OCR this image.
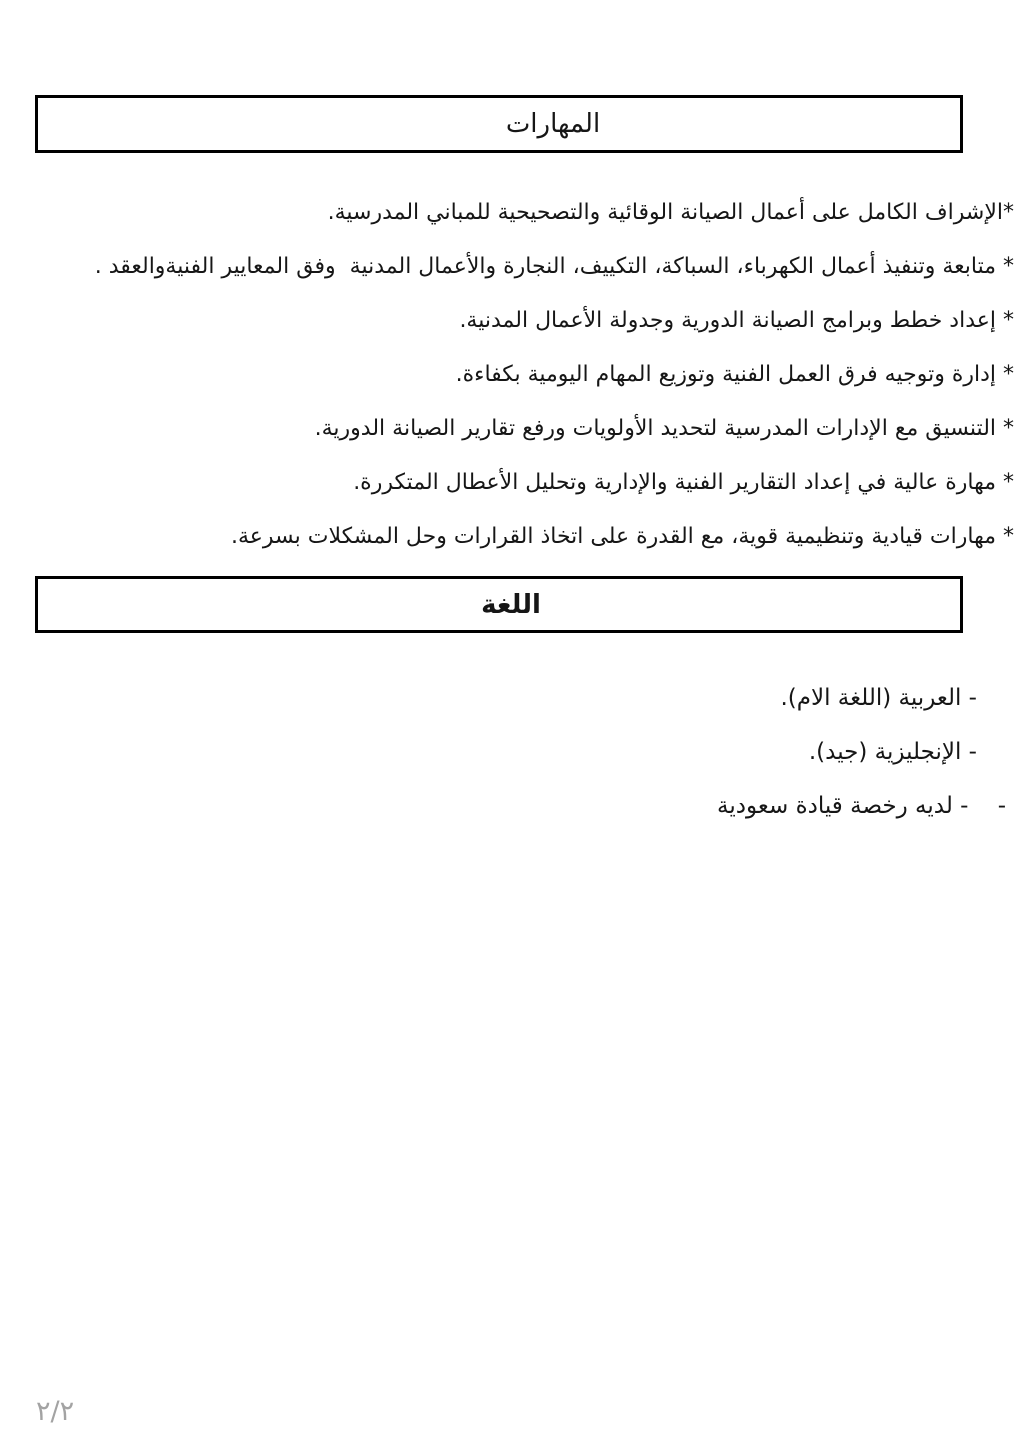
المهارات
*الإشراف الكامل على أعمال الصيانة الوقائية والتصحيحية للمباني المدرسية.
* متابعة وتنفيذ أعمال الكهرباء، السباكة، التكييف، النجارة والأعمال المدنية  وفق المعايير الفنيةوالعقد .
* إعداد خطط وبرامج الصيانة الدورية وجدولة الأعمال المدنية.
* إدارة وتوجيه فرق العمل الفنية وتوزيع المهام اليومية بكفاءة.
* التنسيق مع الإدارات المدرسية لتحديد الأولويات ورفع تقارير الصيانة الدورية.
* مهارة عالية في إعداد التقارير الفنية والإدارية وتحليل الأعطال المتكررة.
* مهارات قيادية وتنظيمية قوية، مع القدرة على اتخاذ القرارات وحل المشكلات بسرعة.
اللغة
- العربية (اللغة الام).
- الإنجليزية (جيد).
-    - لديه رخصة قيادة سعودية
٢/٢
